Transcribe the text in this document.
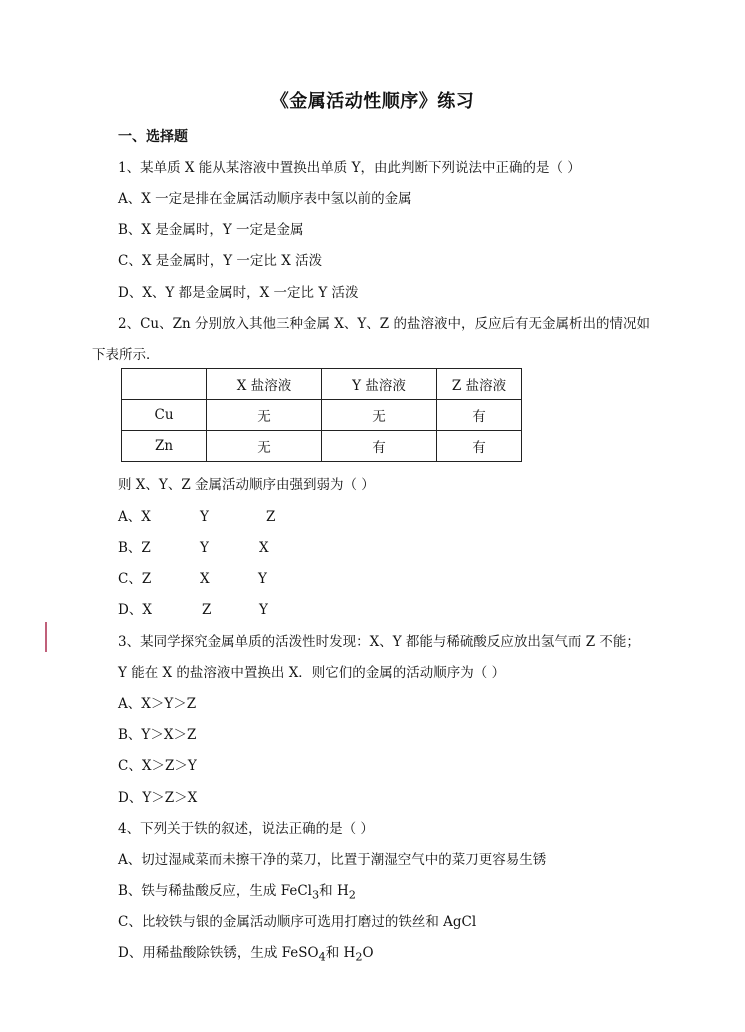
《金属活动性顺序》练习
一、选择题
1、某单质 X 能从某溶液中置换出单质 Y，由此判断下列说法中正确的是（ ）
A、X 一定是排在金属活动顺序表中氢以前的金属
B、X 是金属时，Y 一定是金属
C、X 是金属时，Y 一定比 X 活泼
D、X、Y 都是金属时，X 一定比 Y 活泼
2、Cu、Zn 分别放入其他三种金属 X、Y、Z 的盐溶液中，反应后有无金属析出的情况如
下表所示．
	X 盐溶液	Y 盐溶液	Z 盐溶液
Cu	无	无	有
Zn	无	有	有
则 X、Y、Z 金属活动顺序由强到弱为（ ）
A、X	Y	Z
B、Z	Y	X
C、Z	X	Y
D、X	Z	Y
3、某同学探究金属单质的活泼性时发现：X、Y 都能与稀硫酸反应放出氢气而 Z 不能；
Y 能在 X 的盐溶液中置换出 X．则它们的金属的活动顺序为（ ）
A、X＞Y＞Z
B、Y＞X＞Z
C、X＞Z＞Y
D、Y＞Z＞X
4、下列关于铁的叙述，说法正确的是（ ）
A、切过湿咸菜而未擦干净的菜刀，比置于潮湿空气中的菜刀更容易生锈
B、铁与稀盐酸反应，生成 FeCl$_3$和 $H_2$
C、比较铁与银的金属活动顺序可选用打磨过的铁丝和 AgCl
D、用稀盐酸除铁锈，生成 FeSO$_4$和 $H_2O$
